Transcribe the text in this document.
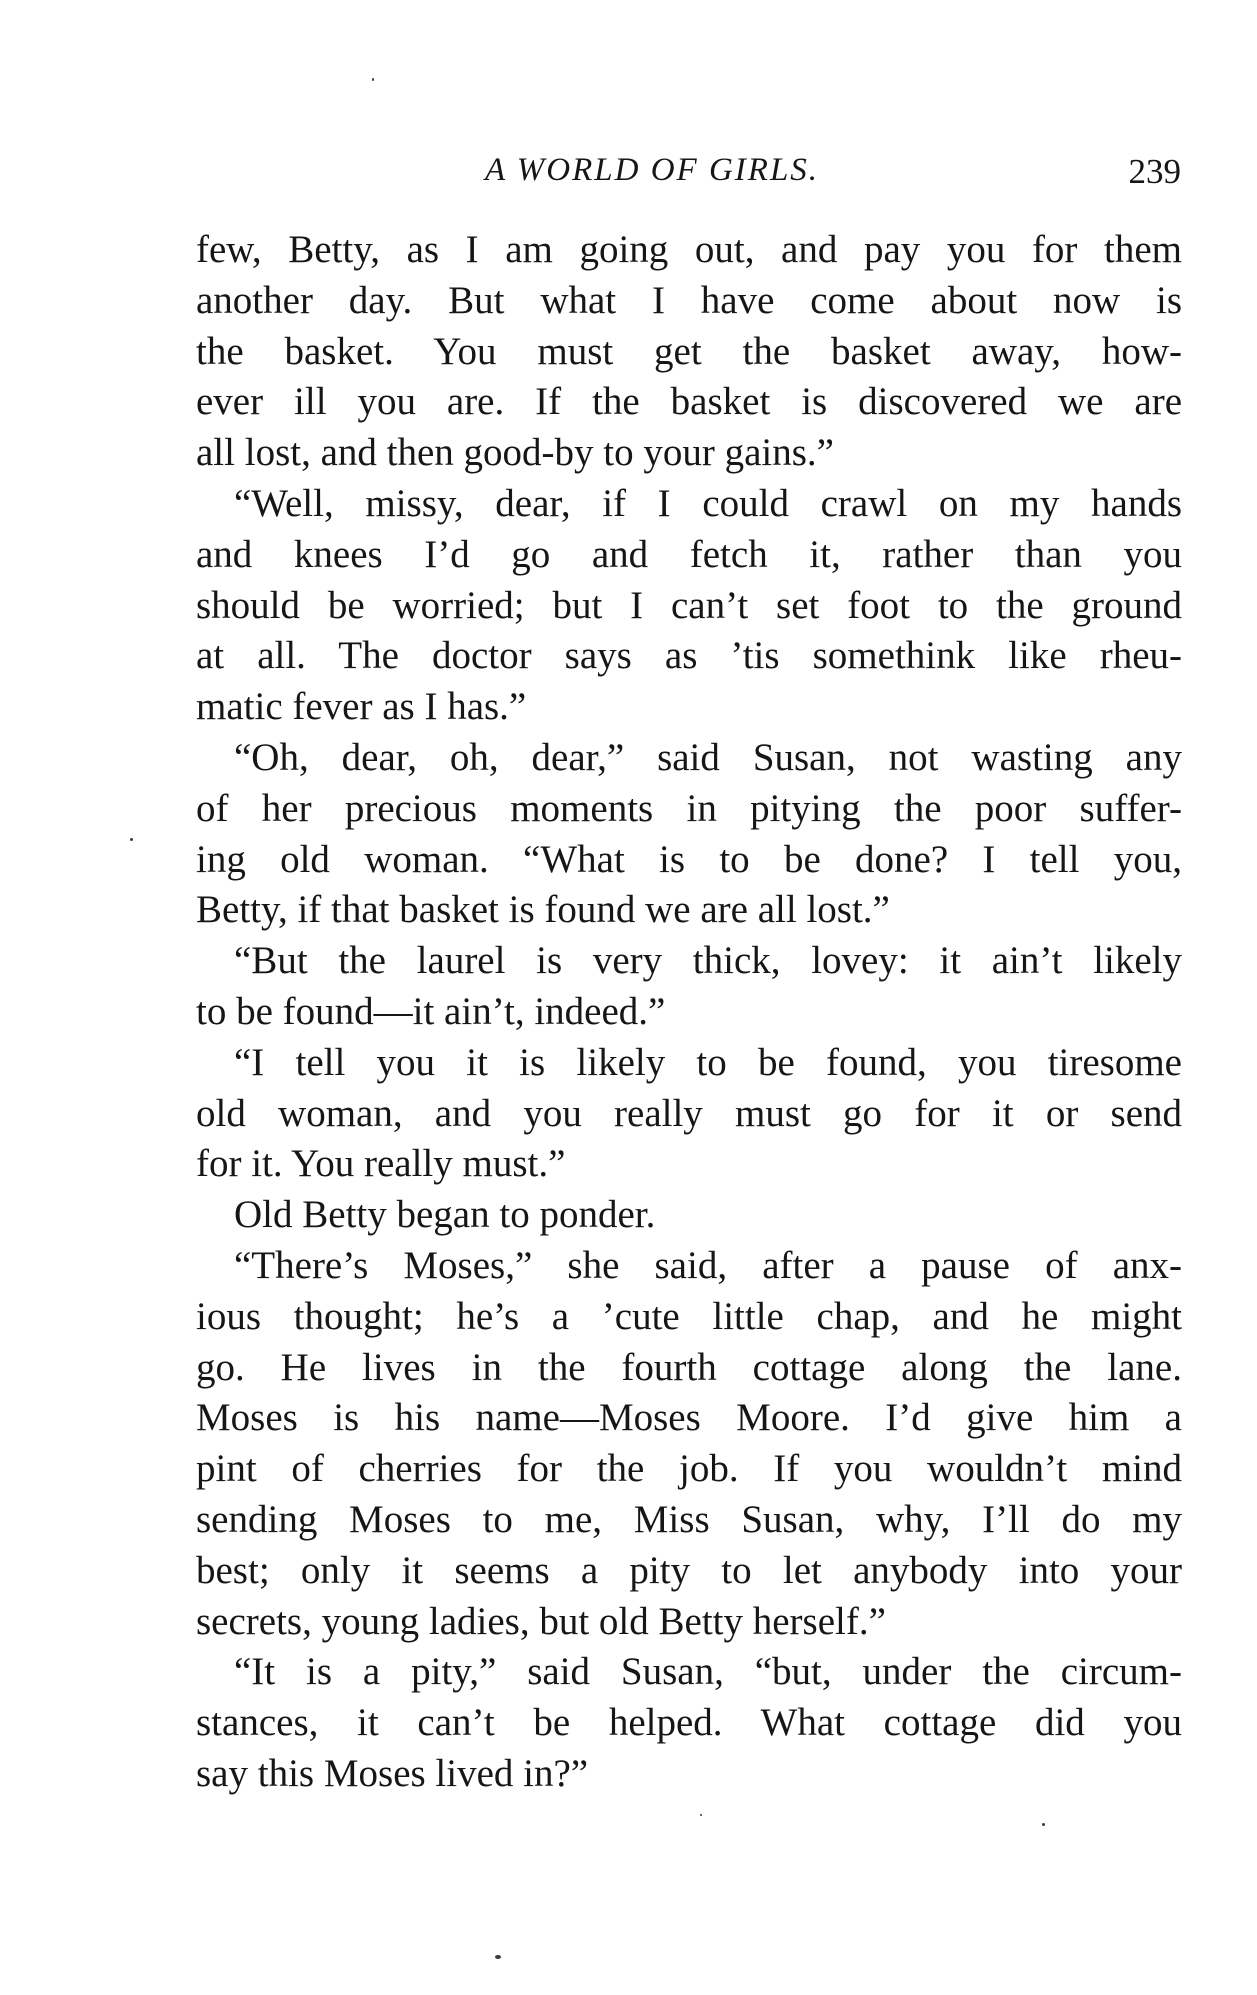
A WORLD OF GIRLS.	239
few, Betty, as I am going out, and pay you for them
another day. But what I have come about now is
the basket. You must get the basket away, how-
ever ill you are. If the basket is discovered we are
all lost, and then good-by to your gains.”
“Well, missy, dear, if I could crawl on my hands
and knees I’d go and fetch it, rather than you
should be worried; but I can’t set foot to the ground
at all. The doctor says as ’tis somethink like rheu-
matic fever as I has.”
“Oh, dear, oh, dear,” said Susan, not wasting any
of her precious moments in pitying the poor suffer-
ing old woman. “What is to be done? I tell you,
Betty, if that basket is found we are all lost.”
“But the laurel is very thick, lovey: it ain’t likely
to be found—it ain’t, indeed.”
“I tell you it is likely to be found, you tiresome
old woman, and you really must go for it or send
for it. You really must.”
Old Betty began to ponder.
“There’s Moses,” she said, after a pause of anx-
ious thought; he’s a ’cute little chap, and he might
go. He lives in the fourth cottage along the lane.
Moses is his name—Moses Moore. I’d give him a
pint of cherries for the job. If you wouldn’t mind
sending Moses to me, Miss Susan, why, I’ll do my
best; only it seems a pity to let anybody into your
secrets, young ladies, but old Betty herself.”
“It is a pity,” said Susan, “but, under the circum-
stances, it can’t be helped. What cottage did you
say this Moses lived in?”
